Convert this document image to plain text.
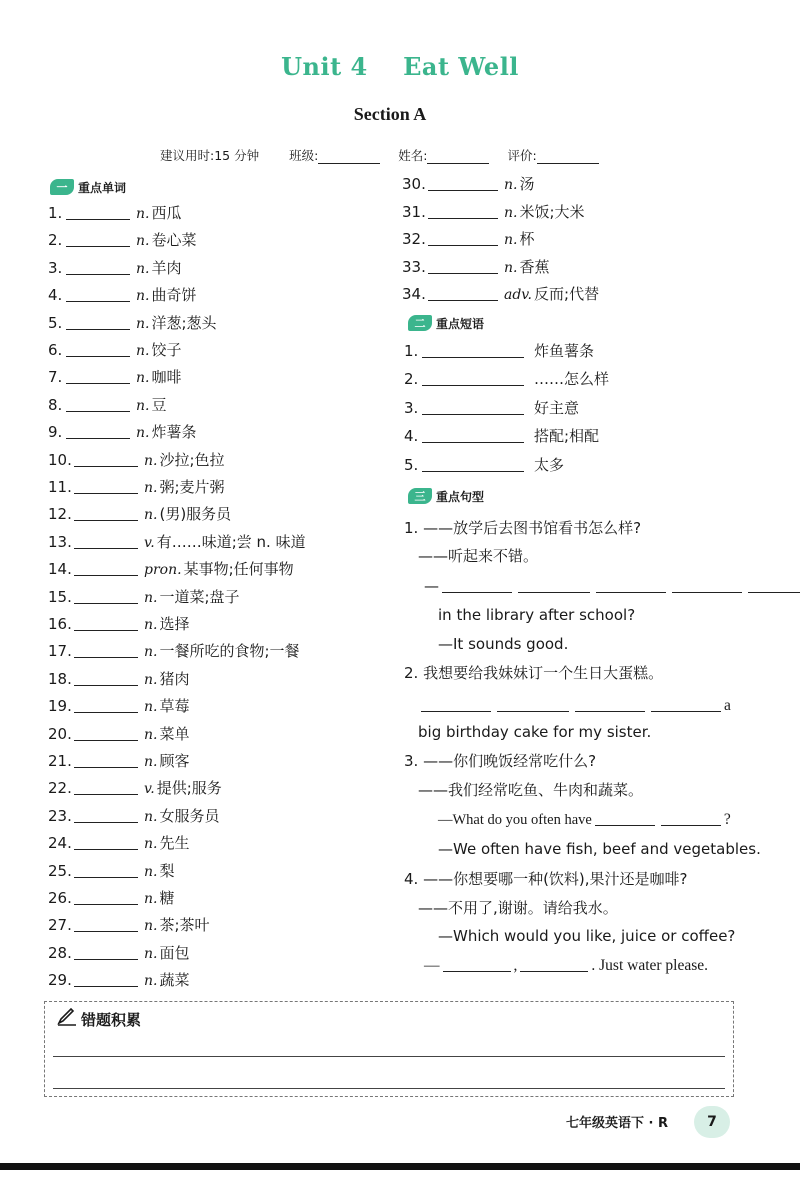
Unit 4    Eat Well
Section A
建议用时:15 分钟 班级:	姓名:	评价:
一 重点单词
二 重点短语
三 重点句型
1.	n. 西瓜
2.	n. 卷心菜
3.	n. 羊肉
4.	n. 曲奇饼
5.	n. 洋葱;葱头
6.	n. 饺子
7.	n. 咖啡
8.	n. 豆
9.	n. 炸薯条
10.	n. 沙拉;色拉
11.	n. 粥;麦片粥
12.	n. (男)服务员
13.	v. 有……味道;尝 n. 味道
14.	pron. 某事物;任何事物
15.	n. 一道菜;盘子
16.	n. 选择
17.	n. 一餐所吃的食物;一餐
18.	n. 猪肉
19.	n. 草莓
20.	n. 菜单
21.	n. 顾客
22.	v. 提供;服务
23.	n. 女服务员
24.	n. 先生
25.	n. 梨
26.	n. 糖
27.	n. 茶;茶叶
28.	n. 面包
29.	n. 蔬菜
30.	n. 汤
31.	n. 米饭;大米
32.	n. 杯
33.	n. 香蕉
34.	adv. 反而;代替
1.	炸鱼薯条
2.	……怎么样
3.	好主意
4.	搭配;相配
5.	太多
1. ——放学后去图书馆看书怎么样?
——听起来不错。
—
in the library after school?
—It sounds good.
2. 我想要给我妹妹订一个生日大蛋糕。
a
big birthday cake for my sister.
3. ——你们晚饭经常吃什么?
——我们经常吃鱼、牛肉和蔬菜。
—What do you often have	?
—We often have fish, beef and vegetables.
4. ——你想要哪一种(饮料),果汁还是咖啡?
——不用了,谢谢。请给我水。
—Which would you like, juice or coffee?
—	,	. Just water please.
错题积累
七年级英语下 · R	7
